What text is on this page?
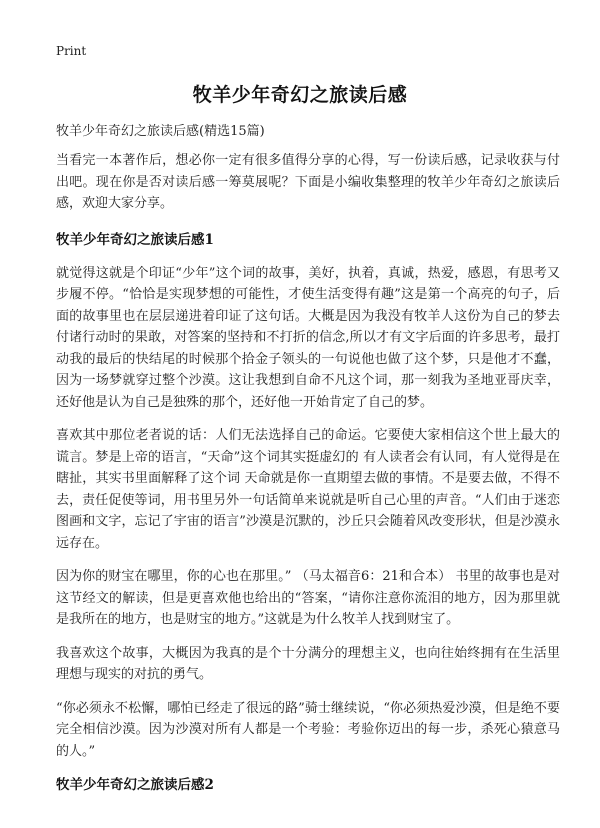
Print
牧羊少年奇幻之旅读后感
牧羊少年奇幻之旅读后感(精选15篇)

当看完一本著作后，想必你一定有很多值得分享的心得，写一份读后感，记录收获与付出吧。现在你是否对读后感一筹莫展呢？下面是小编收集整理的牧羊少年奇幻之旅读后感，欢迎大家分享。

牧羊少年奇幻之旅读后感1

就觉得这就是个印证“少年”这个词的故事，美好，执着，真诚，热爱，感恩，有思考又步履不停。“恰恰是实现梦想的可能性，才使生活变得有趣”这是第一个高亮的句子，后面的故事里也在层层递进着印证了这句话。大概是因为我没有牧羊人这份为自己的梦去付诸行动时的果敢，对答案的坚持和不打折的信念,所以才有文字后面的许多思考，最打动我的最后的快结尾的时候那个拾金子领头的一句说他也做了这个梦，只是他才不蠢，因为一场梦就穿过整个沙漠。这让我想到自命不凡这个词，那一刻我为圣地亚哥庆幸，还好他是认为自己是独殊的那个，还好他一开始肯定了自己的梦。

喜欢其中那位老者说的话：人们无法选择自己的命运。它要使大家相信这个世上最大的谎言。梦是上帝的语言，“天命”这个词其实挺虚幻的 有人读者会有认同，有人觉得是在瞎扯，其实书里面解释了这个词 天命就是你一直期望去做的事情。不是要去做，不得不去，责任促使等词，用书里另外一句话简单来说就是听自己心里的声音。“人们由于迷恋图画和文字，忘记了宇宙的语言”沙漠是沉默的，沙丘只会随着风改变形状，但是沙漠永远存在。

因为你的财宝在哪里，你的心也在那里。” （马太福音6：21和合本） 书里的故事也是对这节经文的解读，但是更喜欢他也给出的“答案，“请你注意你流泪的地方，因为那里就是我所在的地方，也是财宝的地方。”这就是为什么牧羊人找到财宝了。

我喜欢这个故事，大概因为我真的是个十分满分的理想主义，也向往始终拥有在生活里理想与现实的对抗的勇气。

“你必须永不松懈，哪怕已经走了很远的路”骑士继续说，“你必须热爱沙漠，但是绝不要完全相信沙漠。因为沙漠对所有人都是一个考验：考验你迈出的每一步，杀死心猿意马的人。”

牧羊少年奇幻之旅读后感2
